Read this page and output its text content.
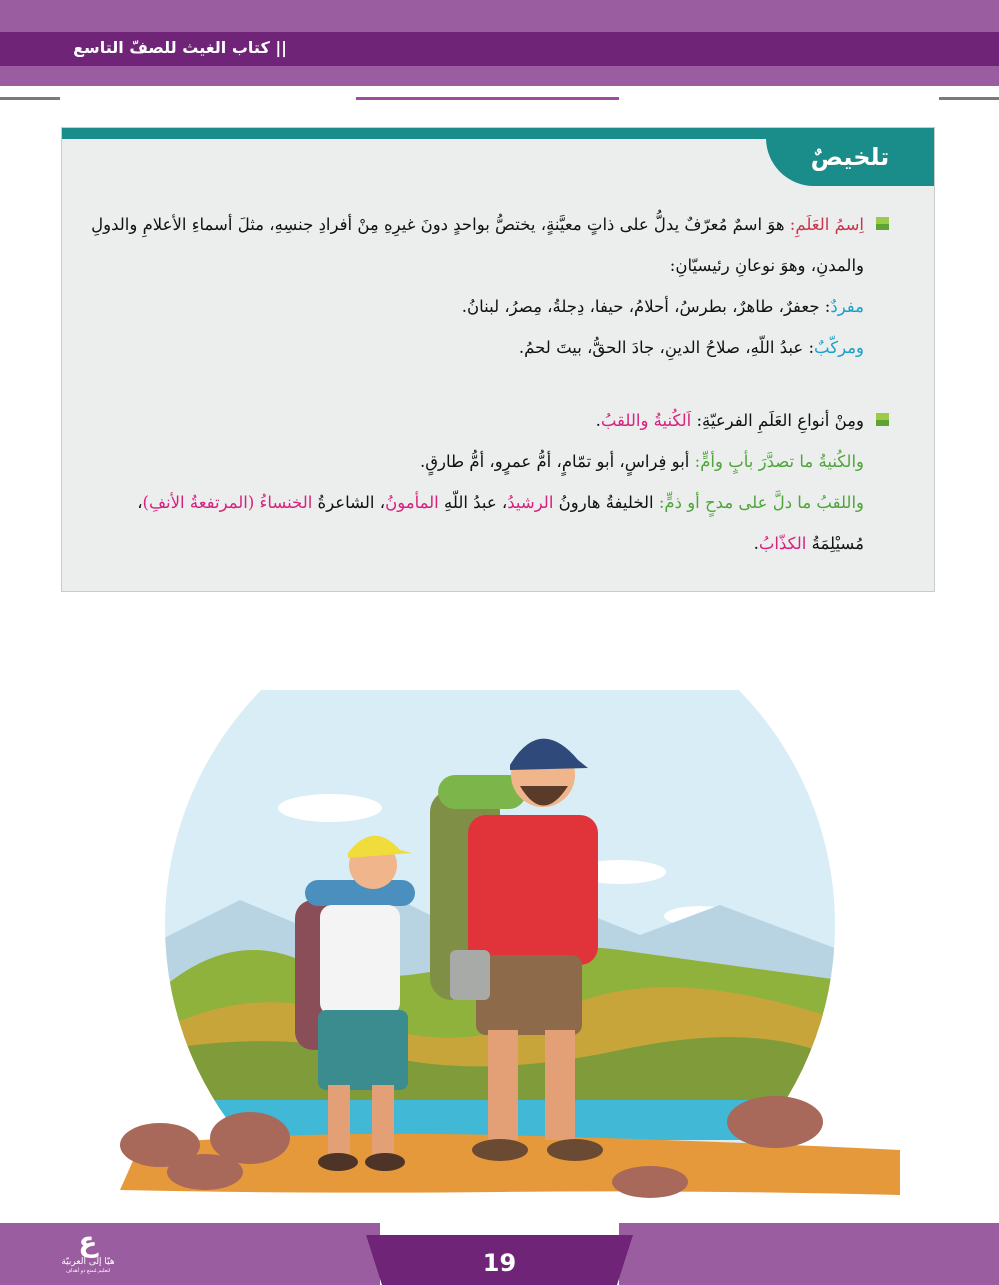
|| كتاب الغيث للصفّ التاسع
تلخيصٌ

اِسمُ العَلَمِ: هوَ اسمٌ مُعرّفٌ يدلُّ على ذاتٍ معيَّنةٍ، يختصُّ بواحدٍ دونَ غيرِهِ مِنْ أفرادِ جنسِهِ، مثلَ أسماءِ الأعلامِ والدولِ والمدنِ، وهوَ نوعانِ رئيسيّانِ:

مفردٌ: جعفرٌ، طاهرٌ، بطرسُ، أحلامُ، حيفا، دِجلةُ، مِصرُ، لبنانُ.

ومركّبٌ: عبدُ اللّهِ، صلاحُ الدينِ، جادَ الحقُّ، بيتَ لحمُ.

ومِنْ أنواعِ العَلَمِ الفرعيّةِ: اَلكُنيةُ واللقبُ.

والكُنيةُ ما تصدَّرَ بأبٍ وأمٍّ: أبو فِراسٍ، أبو تمّامٍ، أمُّ عمرٍو، أمُّ طارقٍ.

واللقبُ ما دلَّ على مدحٍ أو ذمٍّ: الخليفةُ هارونُ الرشيدُ، عبدُ اللّهِ المأمونُ، الشاعرةُ الخنساءُ (المرتفعةُ الأنفِ)، مُسيْلِمَةُ الكذّابُ.

19
ع
هيّا إلى العربيّة
لتعليم مُمتع ذو أهداف
